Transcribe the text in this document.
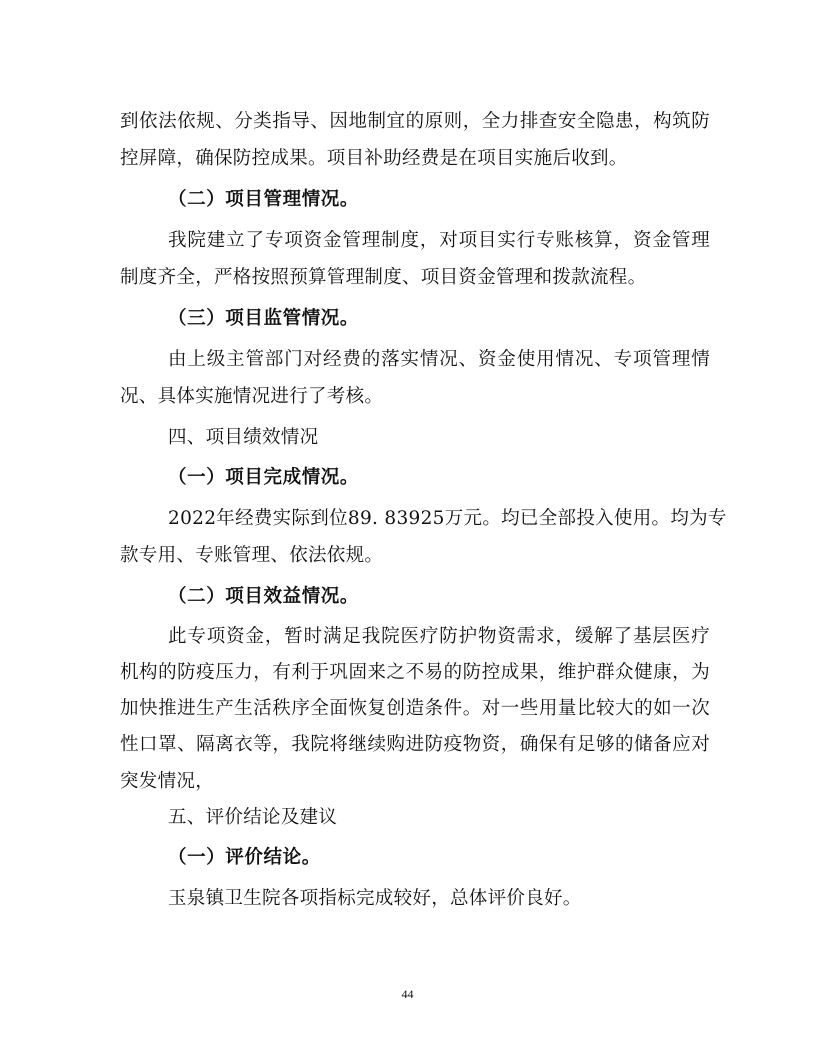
到依法依规、分类指导、因地制宜的原则，全力排查安全隐患，构筑防
控屏障，确保防控成果。项目补助经费是在项目实施后收到。
（二）项目管理情况。
我院建立了专项资金管理制度，对项目实行专账核算，资金管理
制度齐全，严格按照预算管理制度、项目资金管理和拨款流程。
（三）项目监管情况。
由上级主管部门对经费的落实情况、资金使用情况、专项管理情
况、具体实施情况进行了考核。
四、项目绩效情况
（一）项目完成情况。
2022年经费实际到位89. 83925万元。均已全部投入使用。均为专
款专用、专账管理、依法依规。
（二）项目效益情况。
此专项资金，暂时满足我院医疗防护物资需求，缓解了基层医疗
机构的防疫压力，有利于巩固来之不易的防控成果，维护群众健康，为
加快推进生产生活秩序全面恢复创造条件。对一些用量比较大的如一次
性口罩、隔离衣等，我院将继续购进防疫物资，确保有足够的储备应对
突发情况，
五、评价结论及建议
（一）评价结论。
玉泉镇卫生院各项指标完成较好，总体评价良好。
44
